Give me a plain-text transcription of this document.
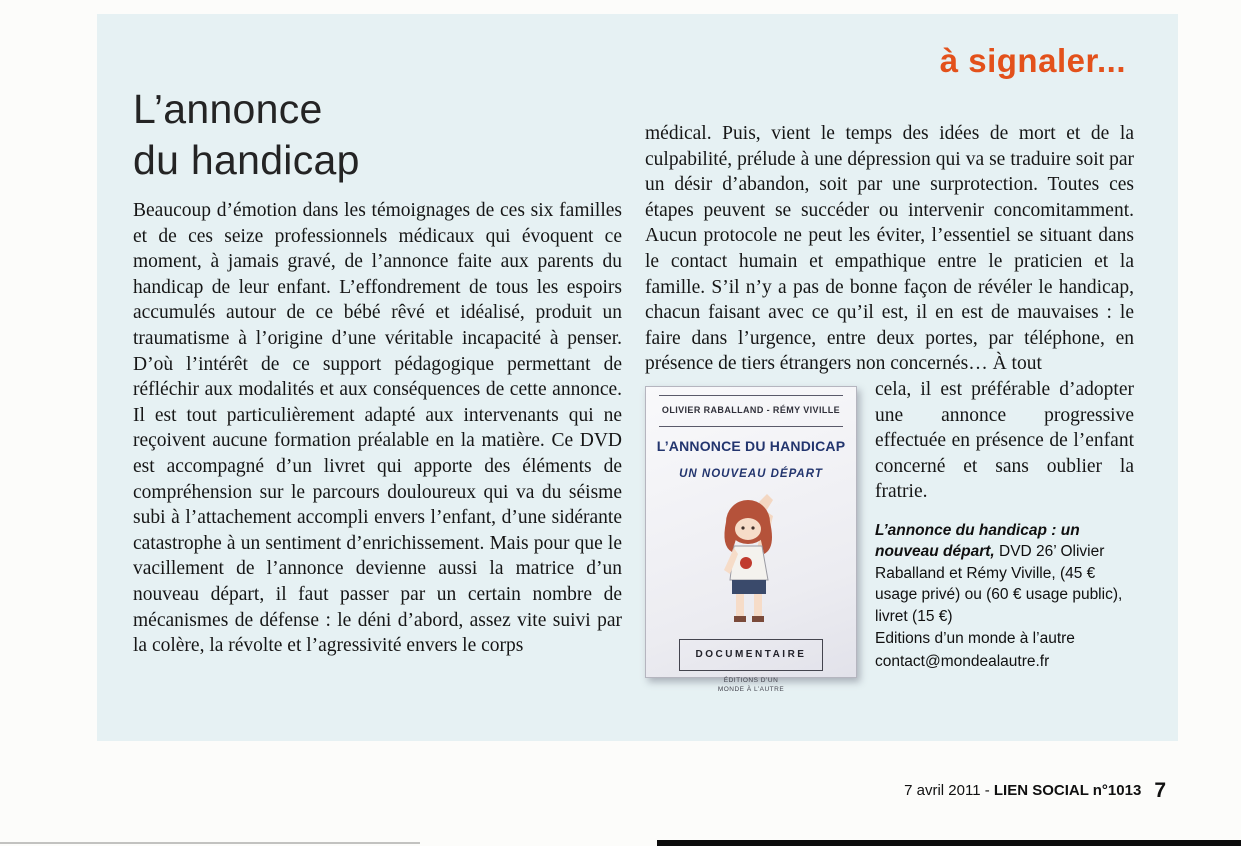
à signaler...
L’annonce
du handicap
Beaucoup d’émotion dans les témoignages de ces six familles et de ces seize professionnels médicaux qui évoquent ce moment, à jamais gravé, de l’annonce faite aux parents du handicap de leur enfant. L’effondrement de tous les espoirs accumulés autour de ce bébé rêvé et idéalisé, produit un traumatisme à l’origine d’une véritable incapacité à penser. D’où l’intérêt de ce support pédagogique permettant de réfléchir aux modalités et aux conséquences de cette annonce. Il est tout particulièrement adapté aux intervenants qui ne reçoivent aucune formation préalable en la matière. Ce DVD est accompagné d’un livret qui apporte des éléments de compréhension sur le parcours douloureux qui va du séisme subi à l’attachement accompli envers l’enfant, d’une sidérante catastrophe à un sentiment d’enrichissement. Mais pour que le vacillement de l’annonce devienne aussi la matrice d’un nouveau départ, il faut passer par un certain nombre de mécanismes de défense : le déni d’abord, assez vite suivi par la colère, la révolte et l’agressivité envers le corps

médical. Puis, vient le temps des idées de mort et de la culpabilité, prélude à une dépression qui va se traduire soit par un désir d’abandon, soit par une surprotection. Toutes ces étapes peuvent se succéder ou intervenir concomitamment. Aucun protocole ne peut les éviter, l’essentiel se situant dans le contact humain et empathique entre le praticien et la famille. S’il n’y a pas de bonne façon de révéler le handicap, chacun faisant avec ce qu’il est, il en est de mauvaises : le faire dans l’urgence, entre deux portes, par téléphone, en présence de tiers étrangers non concernés… À tout

OLIVIER RABALLAND - RÉMY VIVILLE
L’ANNONCE DU HANDICAP
UN NOUVEAU DÉPART
DOCUMENTAIRE
ÉDITIONS D’UN MONDE À L’AUTRE

cela, il est préférable d’adopter une annonce progressive effectuée en présence de l’enfant concerné et sans oublier la fratrie.

L’annonce du handicap : un nouveau départ, DVD 26’ Olivier Raballand et Rémy Viville, (45 € usage privé) ou (60 € usage public), livret (15 €)
Editions d’un monde à l’autre
contact@mondealautre.fr
7 avril 2011 - LIEN SOCIAL n°1013 7
